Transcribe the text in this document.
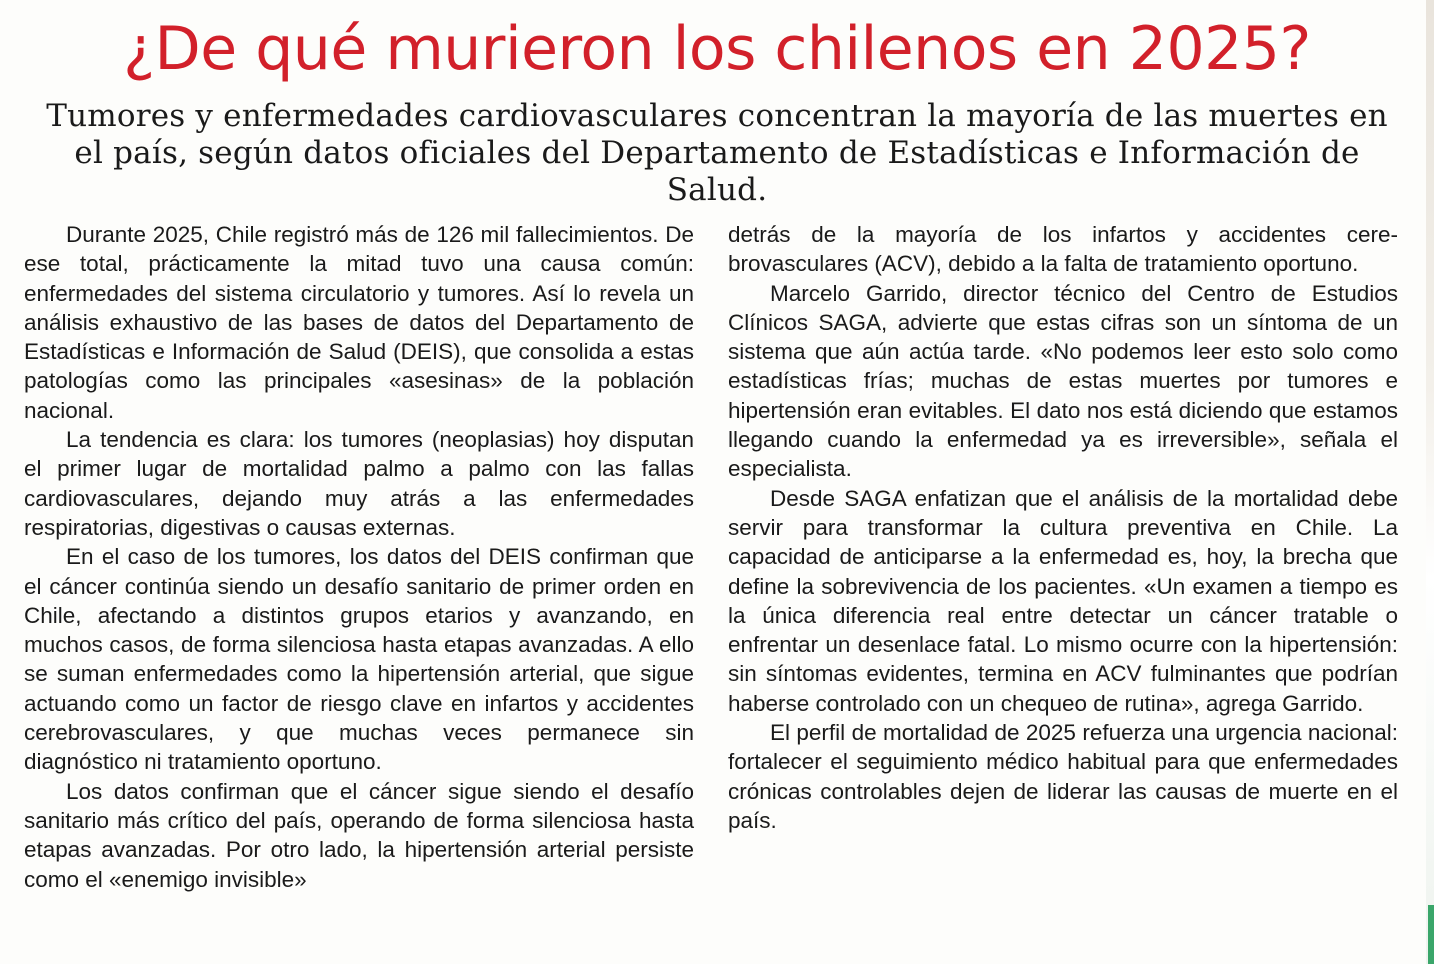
¿De qué murieron los chilenos en 2025?
Tumores y enfermedades cardiovasculares concentran la mayoría de las muertes en el país, según datos oficiales del Departamento de Estadísticas e Información de Salud.

Durante 2025, Chile registró más de 126 mil fallecimientos. De ese total, prácticamente la mitad tuvo una causa común: enfermedades del sistema circulatorio y tumores. Así lo revela un análisis exhaustivo de las bases de datos del Departamento de Estadísticas e Información de Salud (DEIS), que consolida a estas patologías como las principales «asesinas» de la población nacional.

La tendencia es clara: los tumores (neoplasias) hoy disputan el primer lugar de mortalidad palmo a palmo con las fallas cardiovasculares, dejando muy atrás a las enfermedades respiratorias, digestivas o causas externas.

En el caso de los tumores, los datos del DEIS confirman que el cáncer continúa siendo un desafío sanitario de primer orden en Chile, afectando a distintos grupos etarios y avanzando, en muchos casos, de forma silenciosa hasta etapas avanzadas. A ello se suman enfermedades como la hipertensión arterial, que sigue actuando como un factor de riesgo clave en infartos y accidentes cerebrovasculares, y que muchas veces permanece sin diagnóstico ni tratamiento oportuno.

Los datos confirman que el cáncer sigue siendo el desafío sanitario más crítico del país, operando de forma silenciosa hasta etapas avanzadas. Por otro lado, la hipertensión arterial persiste como el «enemigo invisible»

detrás de la mayoría de los infartos y accidentes cerebrovasculares (ACV), debido a la falta de tratamiento oportuno.

Marcelo Garrido, director técnico del Centro de Estudios Clínicos SAGA, advierte que estas cifras son un síntoma de un sistema que aún actúa tarde. «No podemos leer esto solo como estadísticas frías; muchas de estas muertes por tumores e hipertensión eran evitables. El dato nos está diciendo que estamos llegando cuando la enfermedad ya es irreversible», señala el especialista.

Desde SAGA enfatizan que el análisis de la mortalidad debe servir para transformar la cultura preventiva en Chile. La capacidad de anticiparse a la enfermedad es, hoy, la brecha que define la sobrevivencia de los pacientes. «Un examen a tiempo es la única diferencia real entre detectar un cáncer tratable o enfrentar un desenlace fatal. Lo mismo ocurre con la hipertensión: sin síntomas evidentes, termina en ACV fulminantes que podrían haberse controlado con un chequeo de rutina», agrega Garrido.

El perfil de mortalidad de 2025 refuerza una urgencia nacional: fortalecer el seguimiento médico habitual para que enfermedades crónicas controlables dejen de liderar las causas de muerte en el país.
